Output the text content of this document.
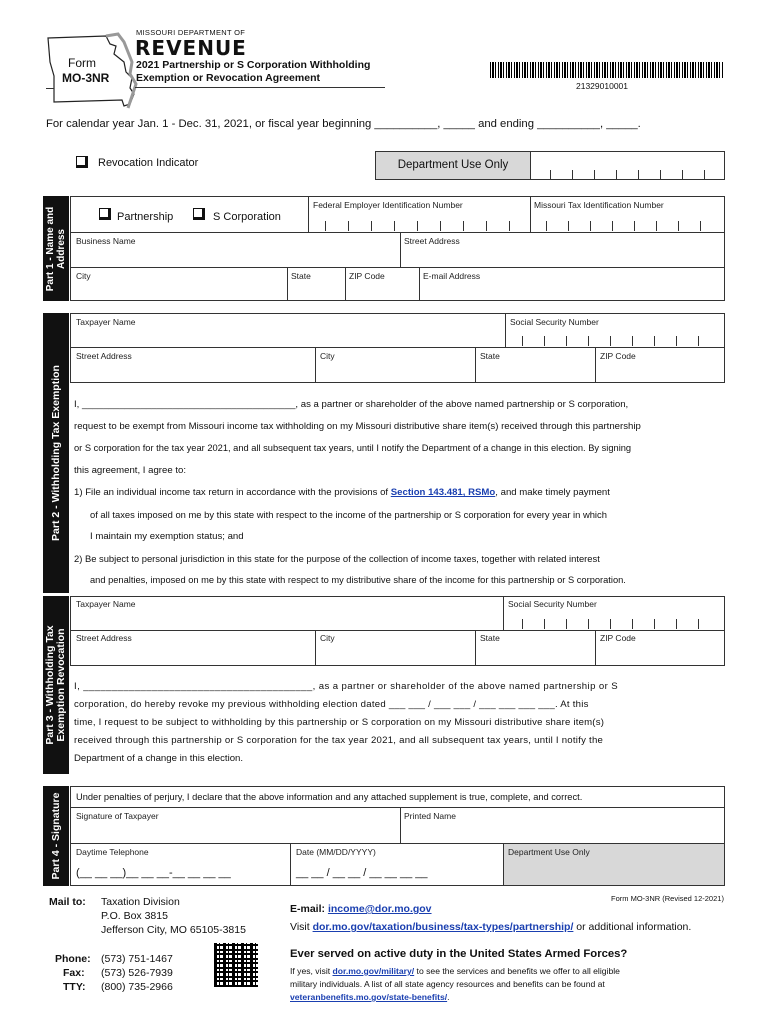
Form
MO-3NR
MISSOURI DEPARTMENT OF
REVENUE
2021 Partnership or S Corporation Withholding
Exemption or Revocation Agreement
21329010001
For calendar year Jan. 1 - Dec. 31, 2021, or fiscal year beginning __________, _____ and ending __________, _____.
Revocation Indicator	Department Use Only
Part 1 - Name and Address
Partnership	S Corporation
Federal Employer Identification Number	Missouri Tax Identification Number
Business Name	Street Address
City	State	ZIP Code	E-mail Address
Part 2 - Withholding Tax Exemption
Taxpayer Name	Social Security Number
Street Address	City	State	ZIP Code
I, ________________________________________, as a partner or shareholder of the above named partnership or S corporation,
request to be exempt from Missouri income tax withholding on my Missouri distributive share item(s) received through this partnership
or S corporation for the tax year 2021, and all subsequent tax years, until I notify the Department of a change in this election. By signing
this agreement, I agree to:
1) File an individual income tax return in accordance with the provisions of Section 143.481, RSMo, and make timely payment
of all taxes imposed on me by this state with respect to the income of the partnership or S corporation for every year in which
I maintain my exemption status; and
2) Be subject to personal jurisdiction in this state for the purpose of the collection of income taxes, together with related interest
and penalties, imposed on me by this state with respect to my distributive share of the income for this partnership or S corporation.
Part 3 - Withholding Tax Exemption Revocation
Taxpayer Name	Social Security Number
Street Address	City	State	ZIP Code
I, ________________________________________, as a partner or shareholder of the above named partnership or S
corporation, do hereby revoke my previous withholding election dated ___ ___ / ___ ___ / ___ ___ ___ ___. At this
time, I request to be subject to withholding by this partnership or S corporation on my Missouri distributive share item(s)
received through this partnership or S corporation for the tax year 2021, and all subsequent tax years, until I notify the
Department of a change in this election.
Part 4 - Signature Under penalties of perjury, I declare that the above information and any attached supplement is true, complete, and correct.
Signature of Taxpayer	Printed Name
Daytime Telephone
(__ __ __)__ __ __-__ __ __ __
Date (MM/DD/YYYY)
__ __ / __ __ / __ __ __ __
Department Use Only
Mail to: Taxation Division
P.O. Box 3815
Jefferson City, MO 65105-3815
Phone: (573) 751-1467
Fax: (573) 526-7939
TTY: (800) 735-2966
Form MO-3NR (Revised 12-2021)
E-mail: income@dor.mo.gov
Visit dor.mo.gov/taxation/business/tax-types/partnership/ or additional information.
Ever served on active duty in the United States Armed Forces?
If yes, visit dor.mo.gov/military/ to see the services and benefits we offer to all eligible
military individuals. A list of all state agency resources and benefits can be found at
veteranbenefits.mo.gov/state-benefits/.
